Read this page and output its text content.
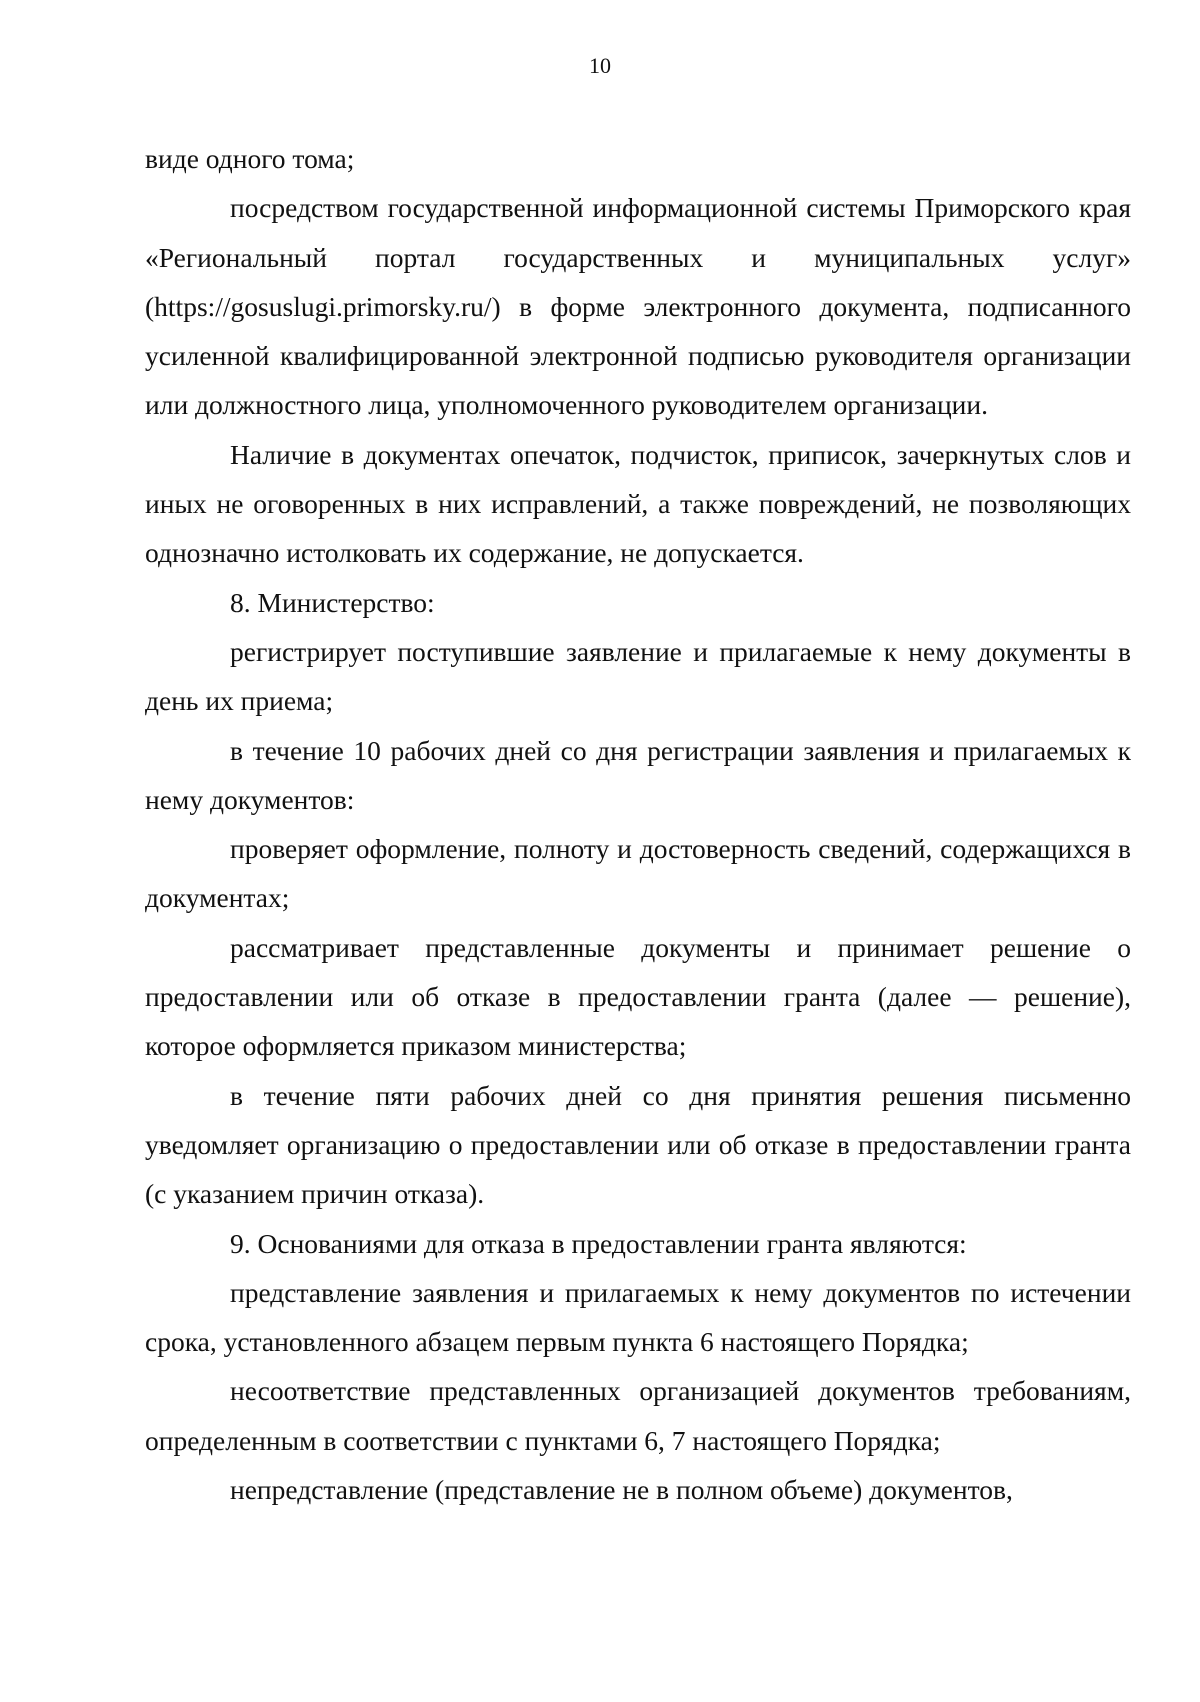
10

виде одного тома;

посредством государственной информационной системы Приморского края «Региональный портал государственных и муниципальных услуг» (https://gosuslugi.primorsky.ru/) в форме электронного документа, подписанного усиленной квалифицированной электронной подписью руководителя организации или должностного лица, уполномоченного руководителем организации.

Наличие в документах опечаток, подчисток, приписок, зачеркнутых слов и иных не оговоренных в них исправлений, а также повреждений, не позволяющих однозначно истолковать их содержание, не допускается.

8. Министерство:

регистрирует поступившие заявление и прилагаемые к нему документы в день их приема;

в течение 10 рабочих дней со дня регистрации заявления и прилагаемых к нему документов:

проверяет оформление, полноту и достоверность сведений, содержащихся в документах;

рассматривает представленные документы и принимает решение о предоставлении или об отказе в предоставлении гранта (далее — решение), которое оформляется приказом министерства;

в течение пяти рабочих дней со дня принятия решения письменно уведомляет организацию о предоставлении или об отказе в предоставлении гранта (с указанием причин отказа).

9. Основаниями для отказа в предоставлении гранта являются:

представление заявления и прилагаемых к нему документов по истечении срока, установленного абзацем первым пункта 6 настоящего Порядка;

несоответствие представленных организацией документов требованиям, определенным в соответствии с пунктами 6, 7 настоящего Порядка;

непредставление (представление не в полном объеме) документов,
